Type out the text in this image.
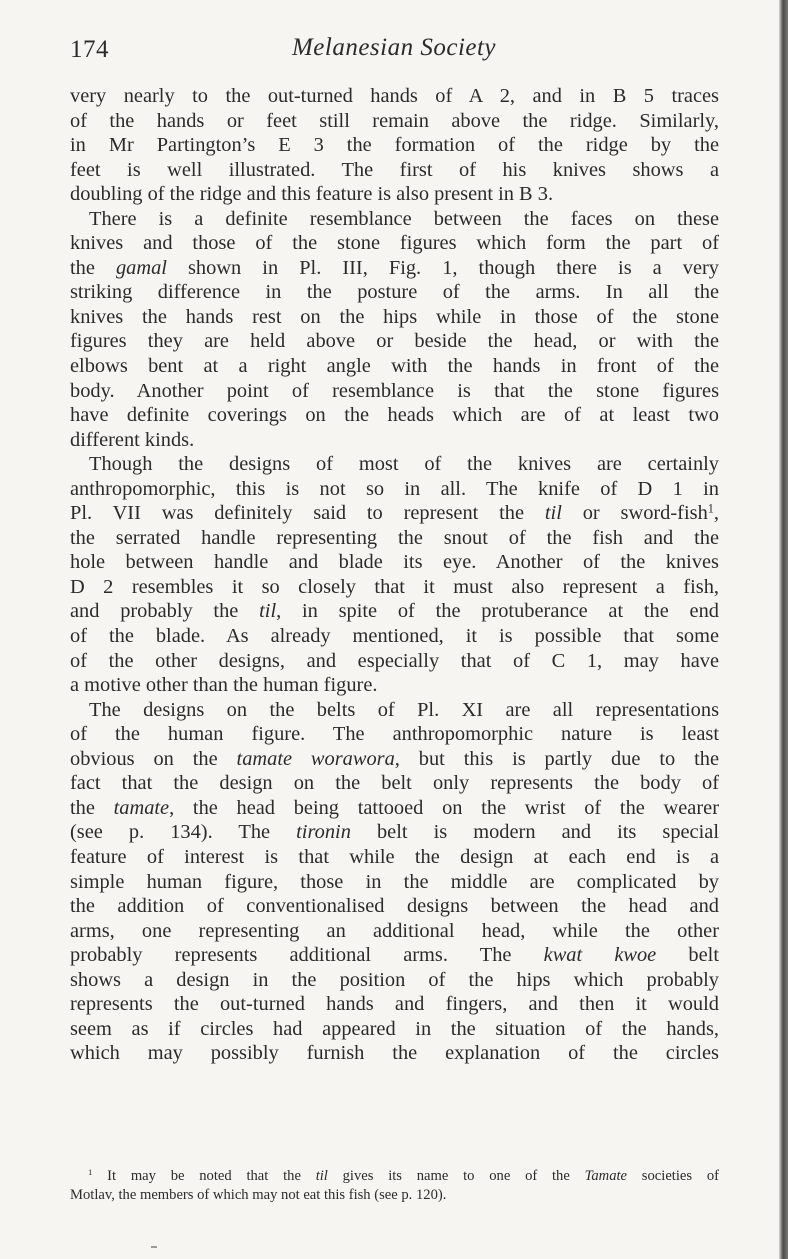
174	Melanesian Society

very nearly to the out-turned hands of A 2, and in B 5 traces

of the hands or feet still remain above the ridge. Similarly,

in Mr Partington’s E 3 the formation of the ridge by the

feet is well illustrated. The first of his knives shows a

doubling of the ridge and this feature is also present in B 3.

There is a definite resemblance between the faces on these

knives and those of the stone figures which form the part of

the gamal shown in Pl. III, Fig. 1, though there is a very

striking difference in the posture of the arms. In all the

knives the hands rest on the hips while in those of the stone

figures they are held above or beside the head, or with the

elbows bent at a right angle with the hands in front of the

body. Another point of resemblance is that the stone figures

have definite coverings on the heads which are of at least two

different kinds.

Though the designs of most of the knives are certainly

anthropomorphic, this is not so in all. The knife of D 1 in

Pl. VII was definitely said to represent the til or sword-fish$^1$,

the serrated handle representing the snout of the fish and the

hole between handle and blade its eye. Another of the knives

D 2 resembles it so closely that it must also represent a fish,

and probably the til, in spite of the protuberance at the end

of the blade. As already mentioned, it is possible that some

of the other designs, and especially that of C 1, may have

a motive other than the human figure.

The designs on the belts of Pl. XI are all representations

of the human figure. The anthropomorphic nature is least

obvious on the tamate worawora, but this is partly due to the

fact that the design on the belt only represents the body of

the tamate, the head being tattooed on the wrist of the wearer

(see p. 134). The tironin belt is modern and its special

feature of interest is that while the design at each end is a

simple human figure, those in the middle are complicated by

the addition of conventionalised designs between the head and

arms, one representing an additional head, while the other

probably represents additional arms. The kwat kwoe belt

shows a design in the position of the hips which probably

represents the out-turned hands and fingers, and then it would

seem as if circles had appeared in the situation of the hands,

which may possibly furnish the explanation of the circles

$^1$ It may be noted that the til gives its name to one of the Tamate societies of

Motlav, the members of which may not eat this fish (see p. 120).
